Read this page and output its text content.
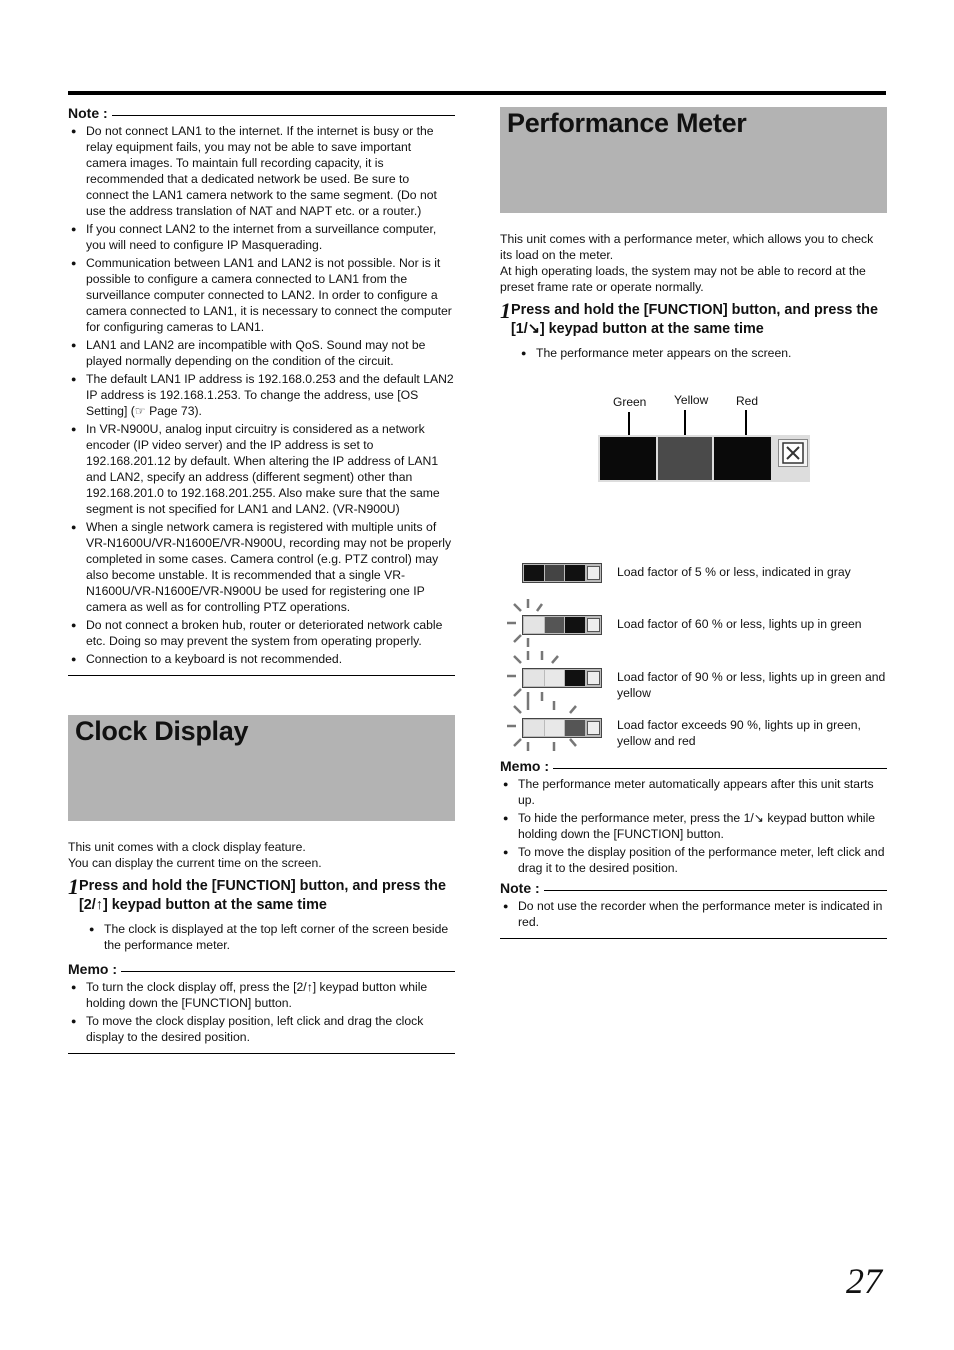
Note :
● Do not connect LAN1 to the internet. If the internet is busy or the relay equipment fails, you may not be able to save important camera images. To maintain full recording capacity, it is recommended that a dedicated network be used. Be sure to connect the LAN1 camera network to the same segment. (Do not use the address translation of NAT and NAPT etc. or a router.)
● If you connect LAN2 to the internet from a surveillance computer, you will need to configure IP Masquerading.
● Communication between LAN1 and LAN2 is not possible. Nor is it possible to configure a camera connected to LAN1 from the surveillance computer connected to LAN2. In order to configure a camera connected to LAN1, it is necessary to connect the computer for configuring cameras to LAN1.
● LAN1 and LAN2 are incompatible with QoS. Sound may not be played normally depending on the condition of the circuit.
● The default LAN1 IP address is 192.168.0.253 and the default LAN2 IP address is 192.168.1.253. To change the address, use [OS Setting] (☞ Page 73).
● In VR-N900U, analog input circuitry is considered as a network encoder (IP video server) and the IP address is set to 192.168.201.12 by default. When altering the IP address of LAN1 and LAN2, specify an address (different segment) other than 192.168.201.0 to 192.168.201.255. Also make sure that the same segment is not specified for LAN1 and LAN2. (VR-N900U)
● When a single network camera is registered with multiple units of VR-N1600U/VR-N1600E/VR-N900U, recording may not be properly completed in some cases. Camera control (e.g. PTZ control) may also become unstable. It is recommended that a single VR-N1600U/VR-N1600E/VR-N900U be used for registering one IP camera as well as for controlling PTZ operations.
● Do not connect a broken hub, router or deteriorated network cable etc. Doing so may prevent the system from operating properly.
● Connection to a keyboard is not recommended.
Clock Display

This unit comes with a clock display feature.

You can display the current time on the screen.

1 Press and hold the [FUNCTION] button, and press the [2/↑] keypad button at the same time
● The clock is displayed at the top left corner of the screen beside the performance meter.
Memo :
● To turn the clock display off, press the [2/↑] keypad button while holding down the [FUNCTION] button.
● To move the clock display position, left click and drag the clock display to the desired position.
Performance Meter

This unit comes with a performance meter, which allows you to check its load on the meter.

At high operating loads, the system may not be able to record at the preset frame rate or operate normally.

1 Press and hold the [FUNCTION] button, and press the [1/↘] keypad button at the same time
● The performance meter appears on the screen.
Green Yellow Red
Load factor of 5 % or less, indicated in gray
Load factor of 60 % or less, lights up in green
Load factor of 90 % or less, lights up in green and yellow
Load factor exceeds 90 %, lights up in green, yellow and red
Memo :
● The performance meter automatically appears after this unit starts up.
● To hide the performance meter, press the 1/↘ keypad button while holding down the [FUNCTION] button.
● To move the display position of the performance meter, left click and drag it to the desired position.
Note :
● Do not use the recorder when the performance meter is indicated in red.
27
